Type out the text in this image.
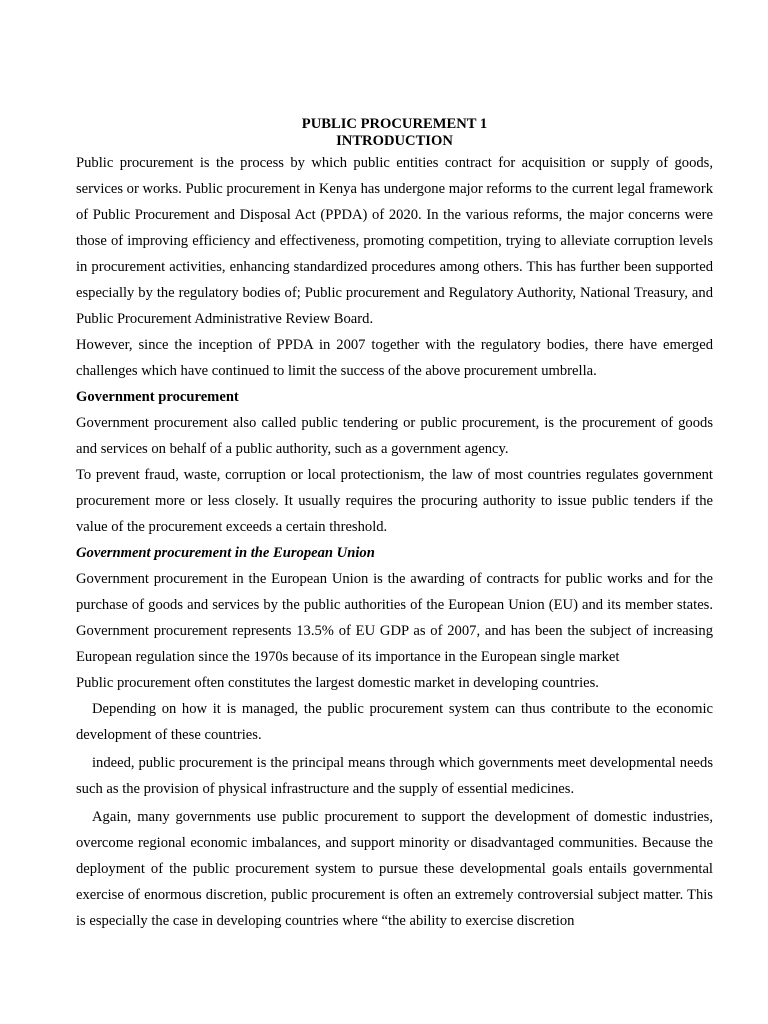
PUBLIC PROCUREMENT 1
INTRODUCTION

Public procurement is the process by which public entities contract for acquisition or supply of goods, services or works. Public procurement in Kenya has undergone major reforms to the current legal framework of Public Procurement and Disposal Act (PPDA) of 2020. In the various reforms, the major concerns were those of improving efficiency and effectiveness, promoting competition, trying to alleviate corruption levels in procurement activities, enhancing standardized procedures among others. This has further been supported especially by the regulatory bodies of; Public procurement and Regulatory Authority, National Treasury, and Public Procurement Administrative Review Board.

However, since the inception of PPDA in 2007 together with the regulatory bodies, there have emerged challenges which have continued to limit the success of the above procurement umbrella.

Government procurement

Government procurement also called public tendering or public procurement, is the procurement of goods and services on behalf of a public authority, such as a government agency.

To prevent fraud, waste, corruption or local protectionism, the law of most countries regulates government procurement more or less closely. It usually requires the procuring authority to issue public tenders if the value of the procurement exceeds a certain threshold.

Government procurement in the European Union

Government procurement in the European Union is the awarding of contracts for public works and for the purchase of goods and services by the public authorities of the European Union (EU) and its member states. Government procurement represents 13.5% of EU GDP as of 2007, and has been the subject of increasing European regulation since the 1970s because of its importance in the European single market

Public procurement often constitutes the largest domestic market in developing countries.

Depending on how it is managed, the public procurement system can thus contribute to the economic development of these countries.

indeed, public procurement is the principal means through which governments meet developmental needs such as the provision of physical infrastructure and the supply of essential medicines.

Again, many governments use public procurement to support the development of domestic industries, overcome regional economic imbalances, and support minority or disadvantaged communities. Because the deployment of the public procurement system to pursue these developmental goals entails governmental exercise of enormous discretion, public procurement is often an extremely controversial subject matter. This is especially the case in developing countries where “the ability to exercise discretion
